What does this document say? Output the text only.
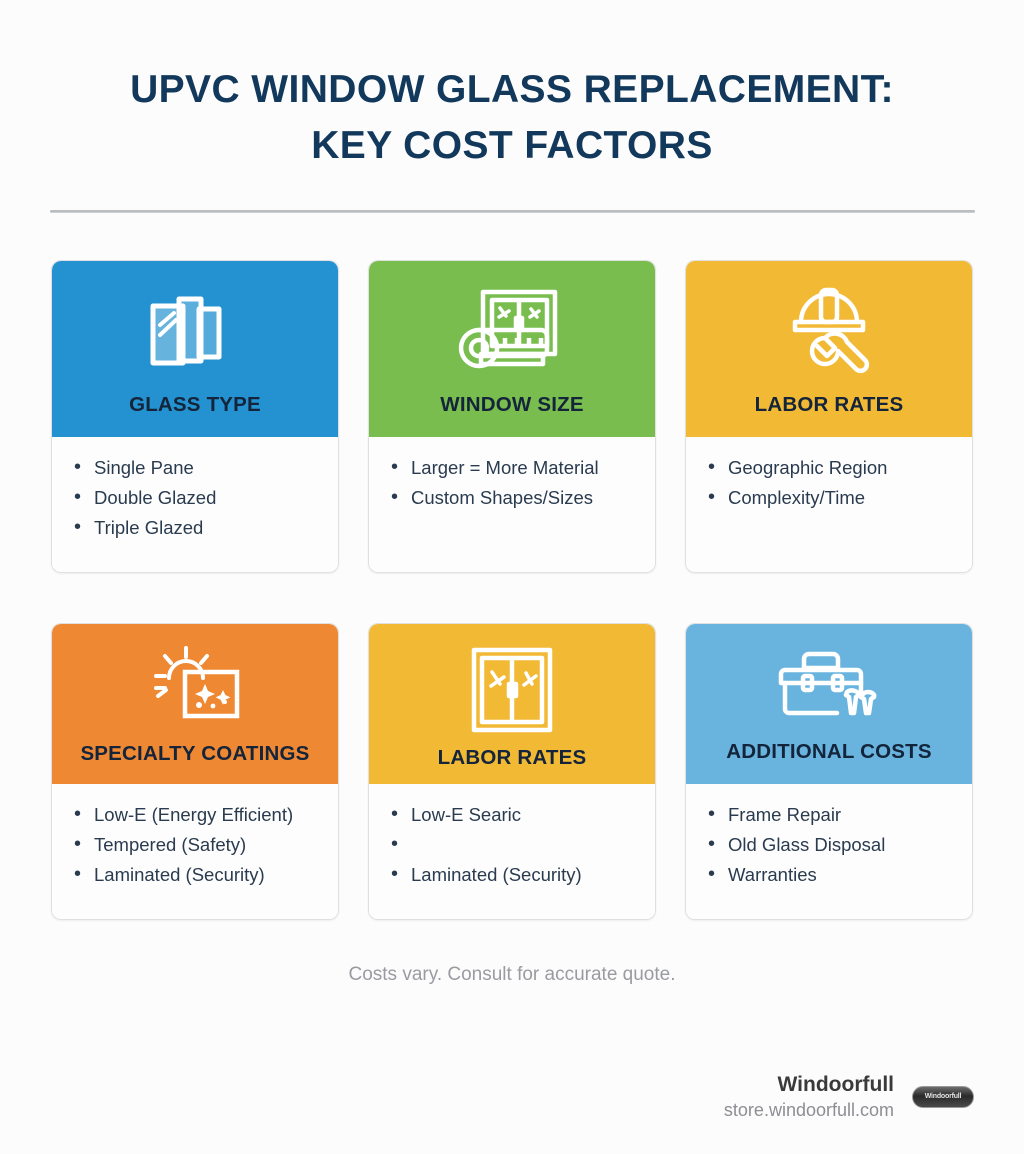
UPVC WINDOW GLASS REPLACEMENT:
KEY COST FACTORS
GLASS TYPE
• Single Pane
• Double Glazed
• Triple Glazed
WINDOW SIZE
• Larger = More Material
• Custom Shapes/Sizes
LABOR RATES
• Geographic Region
• Complexity/Time
SPECIALTY COATINGS
• Low-E (Energy Efficient)
• Tempered (Safety)
• Laminated (Security)
LABOR RATES
• Low-E Searic
•
• Laminated (Security)
ADDITIONAL COSTS
• Frame Repair
• Old Glass Disposal
• Warranties
Costs vary. Consult for accurate quote.
Windoorfull
store.windoorfull.com
Windoorfull
